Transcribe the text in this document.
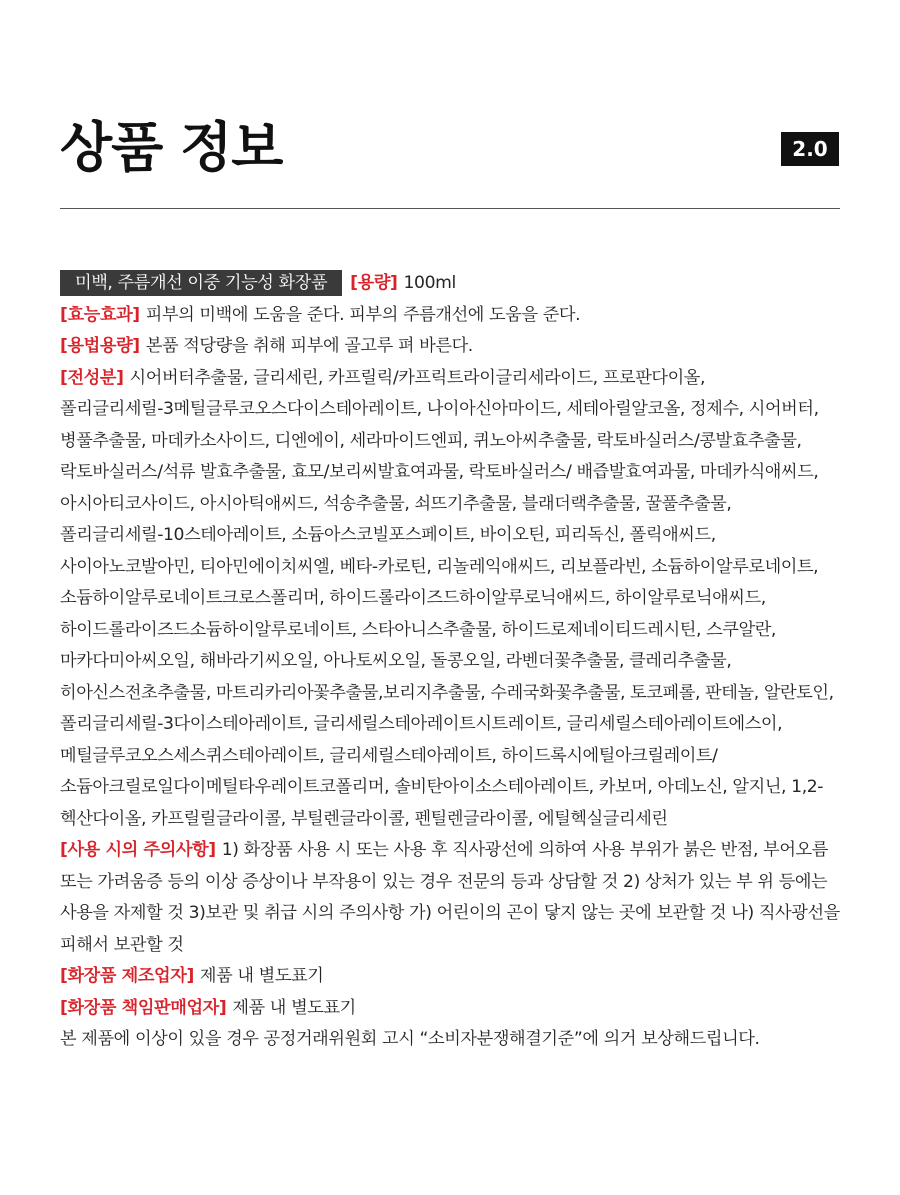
상품 정보	2.0

미백, 주름개선 이중 기능성 화장품 [용량] 100ml

[효능효과] 피부의 미백에 도움을 준다. 피부의 주름개선에 도움을 준다.

[용법용량] 본품 적당량을 취해 피부에 골고루 펴 바른다.

[전성분] 시어버터추출물, 글리세린, 카프릴릭/카프릭트라이글리세라이드, 프로판다이올, 폴리글리세릴-3메틸글루코오스다이스테아레이트, 나이아신아마이드, 세테아릴알코올, 정제수, 시어버터, 병풀추출물, 마데카소사이드, 디엔에이, 세라마이드엔피, 퀴노아씨추출물, 락토바실러스/콩발효추출물, 락토바실러스/석류 발효추출물, 효모/보리씨발효여과물, 락토바실러스/ 배즙발효여과물, 마데카식애씨드, 아시아티코사이드, 아시아틱애씨드, 석송추출물, 쇠뜨기추출물, 블래더랙추출물, 꿀풀추출물, 폴리글리세릴-10스테아레이트, 소듐아스코빌포스페이트, 바이오틴, 피리독신, 폴릭애씨드, 사이아노코발아민, 티아민에이치씨엘, 베타-카로틴, 리놀레익애씨드, 리보플라빈, 소듐하이알루로네이트, 소듐하이알루로네이트크로스폴리머, 하이드롤라이즈드하이알루로닉애씨드, 하이알루로닉애씨드, 하이드롤라이즈드소듐하이알루로네이트, 스타아니스추출물, 하이드로제네이티드레시틴, 스쿠알란, 마카다미아씨오일, 해바라기씨오일, 아나토씨오일, 돌콩오일, 라벤더꽃추출물, 클레리추출물, 히아신스전초추출물, 마트리카리아꽃추출물,보리지추출물, 수레국화꽃추출물, 토코페롤, 판테놀, 알란토인, 폴리글리세릴-3다이스테아레이트, 글리세릴스테아레이트시트레이트, 글리세릴스테아레이트에스이, 메틸글루코오스세스퀴스테아레이트, 글리세릴스테아레이트, 하이드록시에틸아크릴레이트/소듐아크릴로일다이메틸타우레이트코폴리머, 솔비탄아이소스테아레이트, 카보머, 아데노신, 알지닌, 1,2-헥산다이올, 카프릴릴글라이콜, 부틸렌글라이콜, 펜틸렌글라이콜, 에틸헥실글리세린

[사용 시의 주의사항] 1) 화장품 사용 시 또는 사용 후 직사광선에 의하여 사용 부위가 붉은 반점, 부어오름 또는 가려움증 등의 이상 증상이나 부작용이 있는 경우 전문의 등과 상담할 것 2) 상처가 있는 부 위 등에는 사용을 자제할 것 3)보관 및 취급 시의 주의사항 가) 어린이의 곤이 닿지 않는 곳에 보관할 것 나) 직사광선을 피해서 보관할 것

[화장품 제조업자] 제품 내 별도표기

[화장품 책임판매업자] 제품 내 별도표기

본 제품에 이상이 있을 경우 공정거래위원회 고시 “소비자분쟁해결기준”에 의거 보상해드립니다.
